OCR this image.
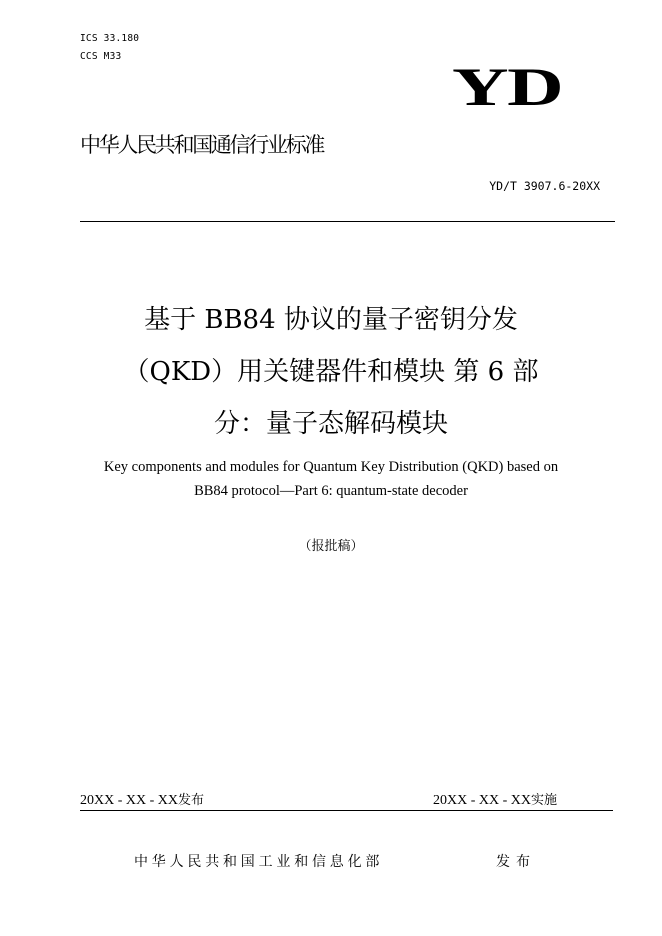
ICS 33.180
CCS M33
YD
中华人民共和国通信行业标准
YD/T 3907.6-20XX
基于 BB84 协议的量子密钥分发
（QKD）用关键器件和模块 第 6 部
分：量子态解码模块
Key components and modules for Quantum Key Distribution (QKD) based on
BB84 protocol—Part 6: quantum-state decoder
（报批稿）
20XX - XX - XX发布	20XX - XX - XX实施
中华人民共和国工业和信息化部	发布
